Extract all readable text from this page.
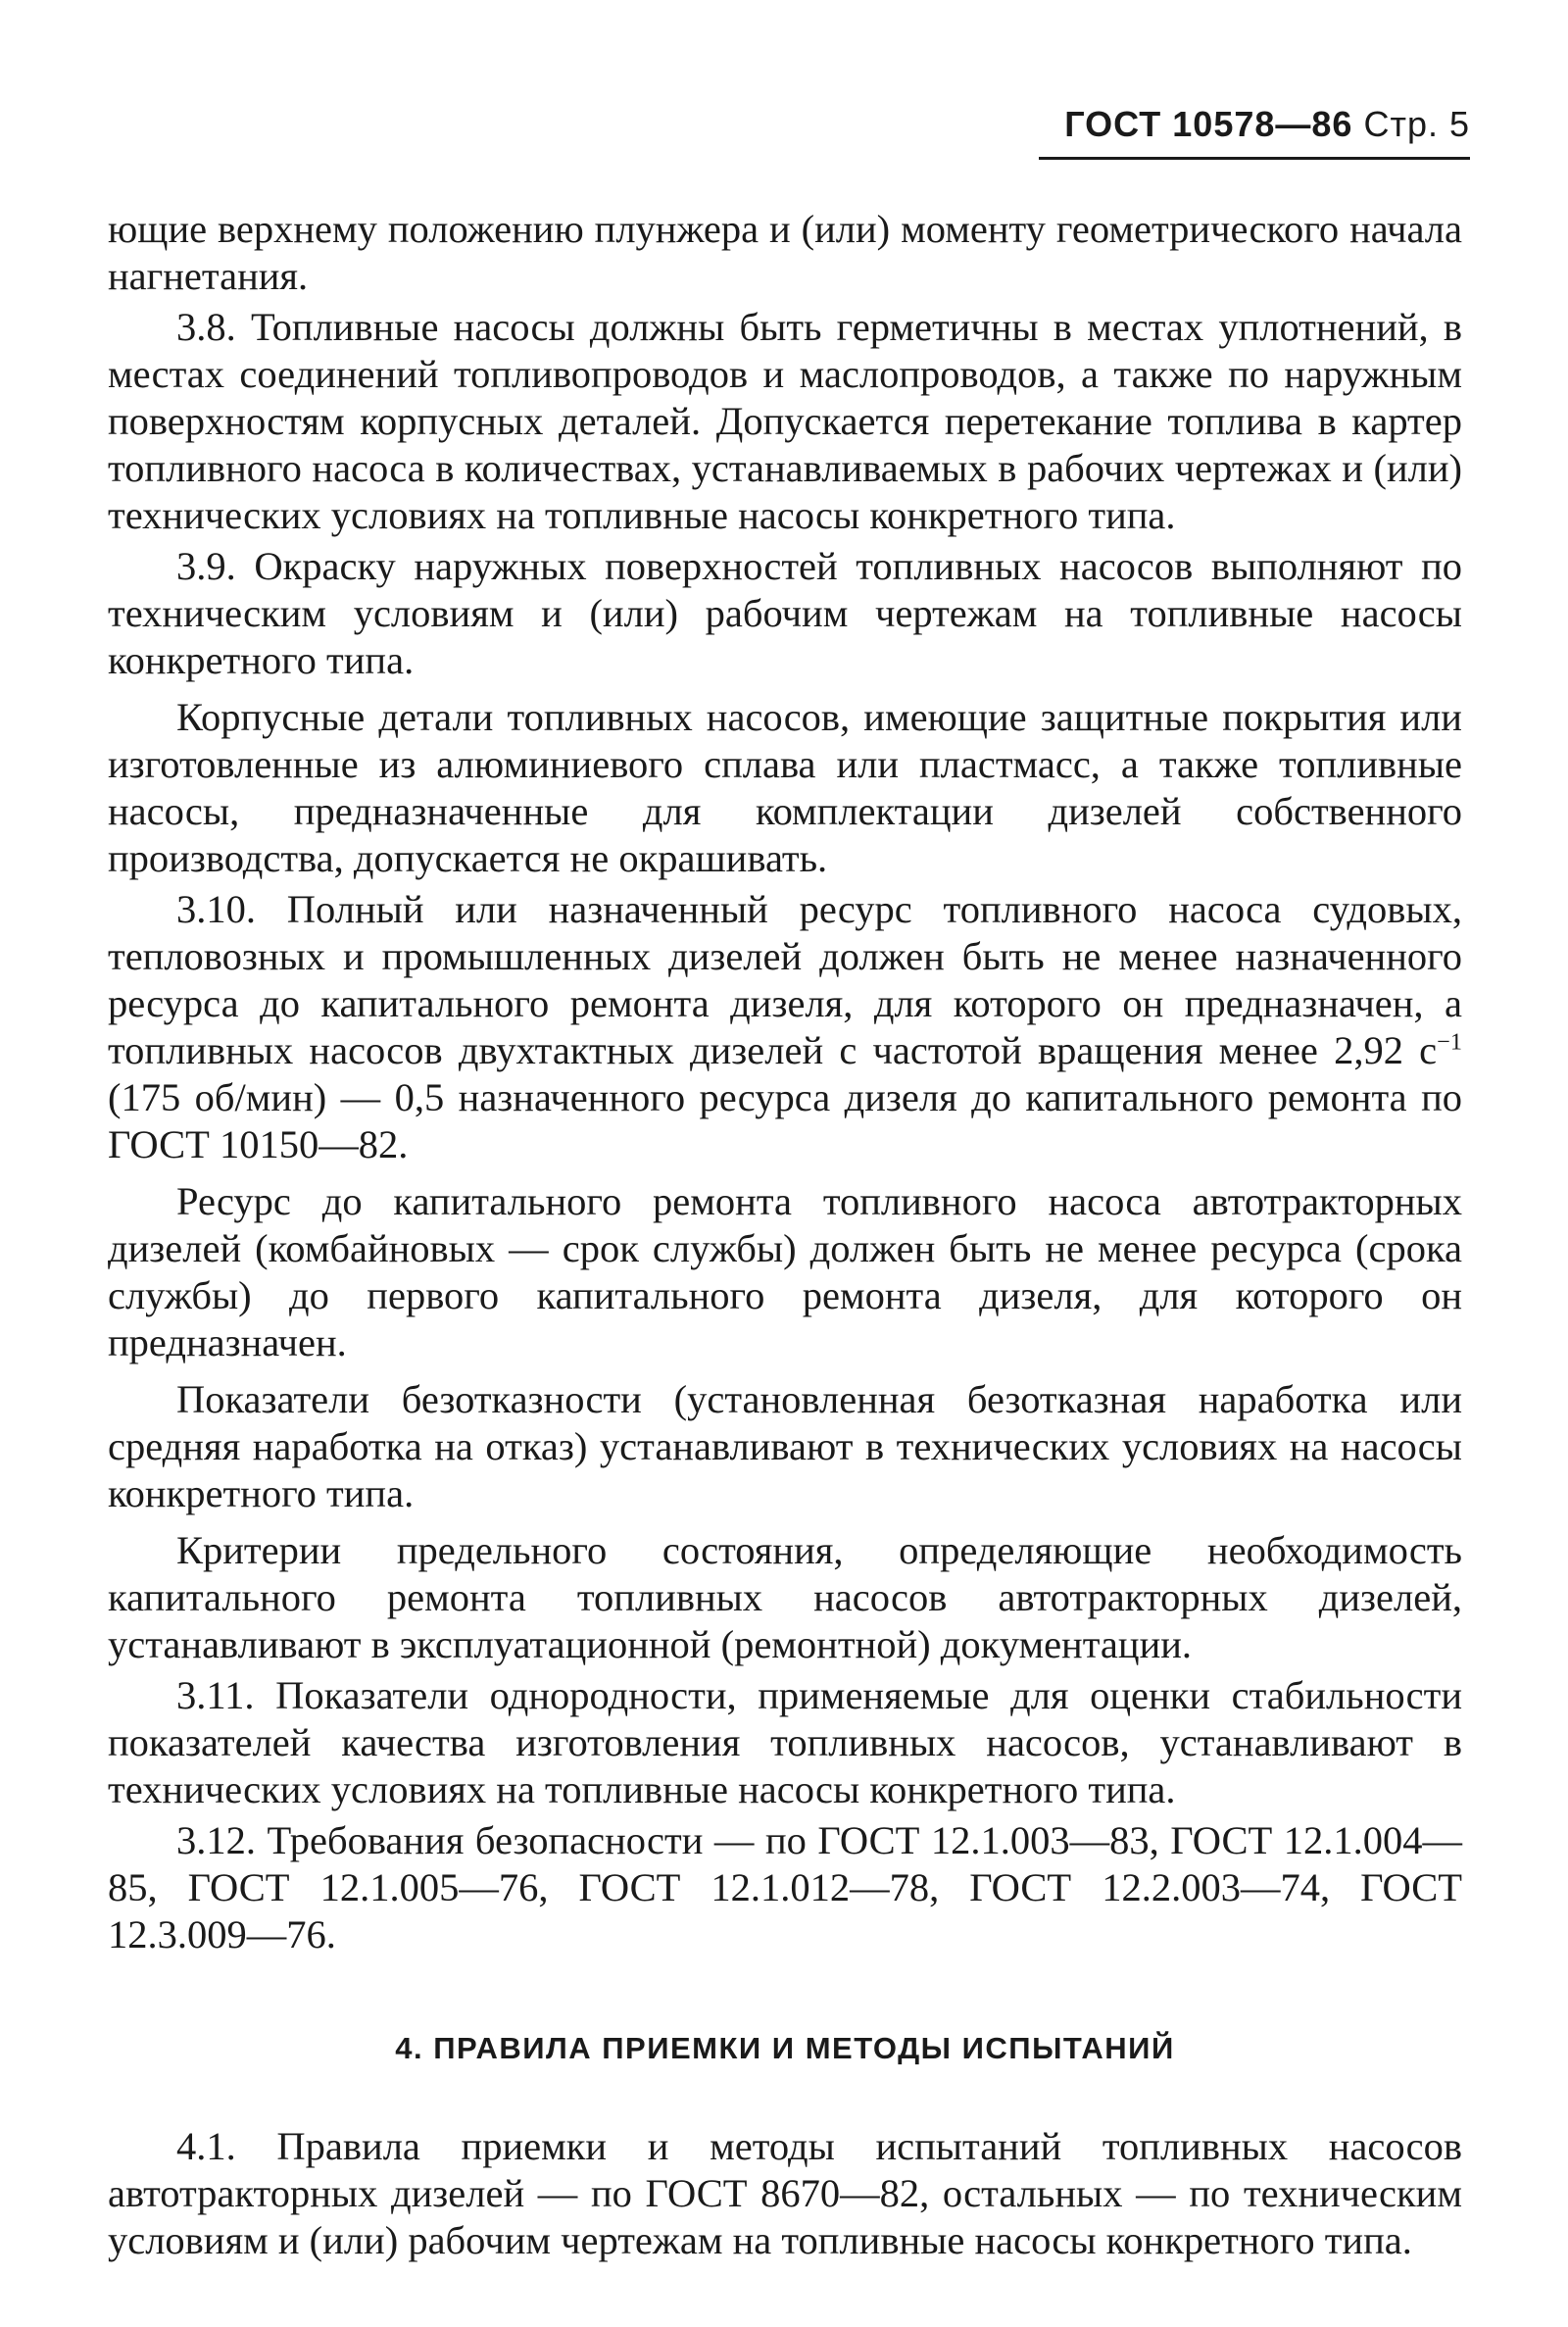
ГОСТ 10578—86 Стр. 5

ющие верхнему положению плунжера и (или) моменту геометрического начала нагнетания.

3.8. Топливные насосы должны быть герметичны в местах уплотнений, в местах соединений топливопроводов и маслопроводов, а также по наружным поверхностям корпусных деталей. Допускается перетекание топлива в картер топливного насоса в количествах, устанавливаемых в рабочих чертежах и (или) технических условиях на топливные насосы конкретного типа.

3.9. Окраску наружных поверхностей топливных насосов выполняют по техническим условиям и (или) рабочим чертежам на топливные насосы конкретного типа.

Корпусные детали топливных насосов, имеющие защитные покрытия или изготовленные из алюминиевого сплава или пластмасс, а также топливные насосы, предназначенные для комплектации дизелей собственного производства, допускается не окрашивать.

3.10. Полный или назначенный ресурс топливного насоса судовых, тепловозных и промышленных дизелей должен быть не менее назначенного ресурса до капитального ремонта дизеля, для которого он предназначен, а топливных насосов двухтактных дизелей с частотой вращения менее 2,92 $с^{-1}$ (175 об/мин) — 0,5 назначенного ресурса дизеля до капитального ремонта по ГОСТ 10150—82.

Ресурс до капитального ремонта топливного насоса автотракторных дизелей (комбайновых — срок службы) должен быть не менее ресурса (срока службы) до первого капитального ремонта дизеля, для которого он предназначен.

Показатели безотказности (установленная безотказная наработка или средняя наработка на отказ) устанавливают в технических условиях на насосы конкретного типа.

Критерии предельного состояния, определяющие необходимость капитального ремонта топливных насосов автотракторных дизелей, устанавливают в эксплуатационной (ремонтной) документации.

3.11. Показатели однородности, применяемые для оценки стабильности показателей качества изготовления топливных насосов, устанавливают в технических условиях на топливные насосы конкретного типа.

3.12. Требования безопасности — по ГОСТ 12.1.003—83, ГОСТ 12.1.004—85, ГОСТ 12.1.005—76, ГОСТ 12.1.012—78, ГОСТ 12.2.003—74, ГОСТ 12.3.009—76.

4. ПРАВИЛА ПРИЕМКИ И МЕТОДЫ ИСПЫТАНИЙ

4.1. Правила приемки и методы испытаний топливных насосов автотракторных дизелей — по ГОСТ 8670—82, остальных — по техническим условиям и (или) рабочим чертежам на топливные насосы конкретного типа.
